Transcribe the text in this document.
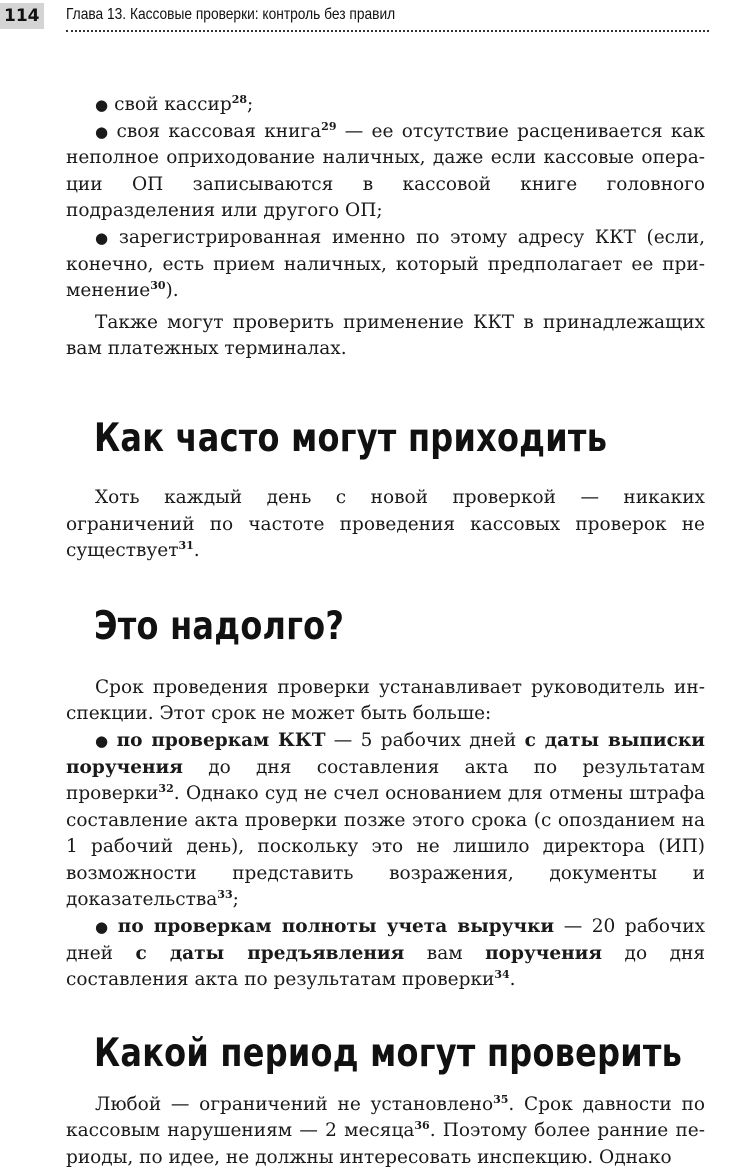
114 Глава 13. Кассовые проверки: контроль без правил

● свой кассир$^{28}$;

● своя кассовая книга$^{29}$ — ее отсутствие расценивается как неполное оприходование наличных, даже если кассовые операции ОП записываются в кассовой книге головного подразделения или другого ОП;

● зарегистрированная именно по этому адресу ККТ (если, конечно, есть прием наличных, который предполагает ее применение$^{30}$).

Также могут проверить применение ККТ в принадлежащих вам платежных терминалах.

Как часто могут приходить

Хоть каждый день с новой проверкой — никаких ограничений по частоте проведения кассовых проверок не существует$^{31}$.

Это надолго?

Срок проведения проверки устанавливает руководитель инспекции. Этот срок не может быть больше:

● по проверкам ККТ — 5 рабочих дней с даты выписки поручения до дня составления акта по результатам проверки$^{32}$. Однако суд не счел основанием для отмены штрафа составление акта проверки позже этого срока (с опозданием на 1 рабочий день), поскольку это не лишило директора (ИП) возможности представить возражения, документы и доказательства$^{33}$;

● по проверкам полноты учета выручки — 20 рабочих дней с даты предъявления вам поручения до дня составления акта по результатам проверки$^{34}$.

Какой период могут проверить

Любой — ограничений не установлено$^{35}$. Срок давности по кассовым нарушениям — 2 месяца$^{36}$. Поэтому более ранние периоды, по идее, не должны интересовать инспекцию. Однако
